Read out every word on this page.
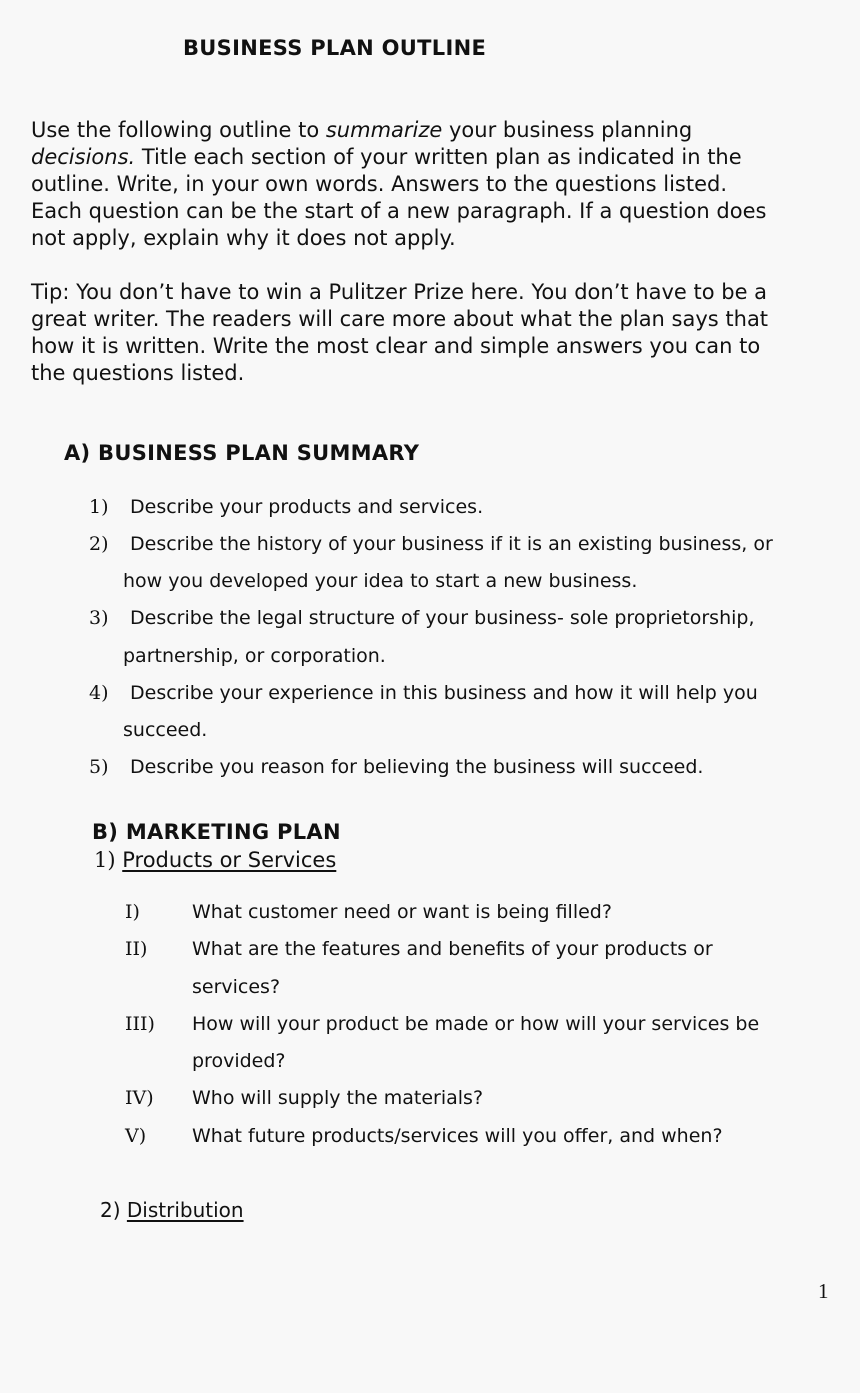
BUSINESS PLAN OUTLINE
Use the following outline to summarize your business planning
decisions. Title each section of your written plan as indicated in the
outline. Write, in your own words. Answers to the questions listed.
Each question can be the start of a new paragraph. If a question does
not apply, explain why it does not apply.
Tip: You don’t have to win a Pulitzer Prize here. You don’t have to be a
great writer. The readers will care more about what the plan says that
how it is written. Write the most clear and simple answers you can to
the questions listed.
A) BUSINESS PLAN SUMMARY
1) Describe your products and services.
2) Describe the history of your business if it is an existing business, or
how you developed your idea to start a new business.
3) Describe the legal structure of your business- sole proprietorship,
partnership, or corporation.
4) Describe your experience in this business and how it will help you
succeed.
5) Describe you reason for believing the business will succeed.
B) MARKETING PLAN
1) Products or Services
I)	What customer need or want is being filled?
II) What are the features and benefits of your products or
services?
III) How will your product be made or how will your services be
provided?
IV) Who will supply the materials?
V) What future products/services will you offer, and when?
2) Distribution
1
